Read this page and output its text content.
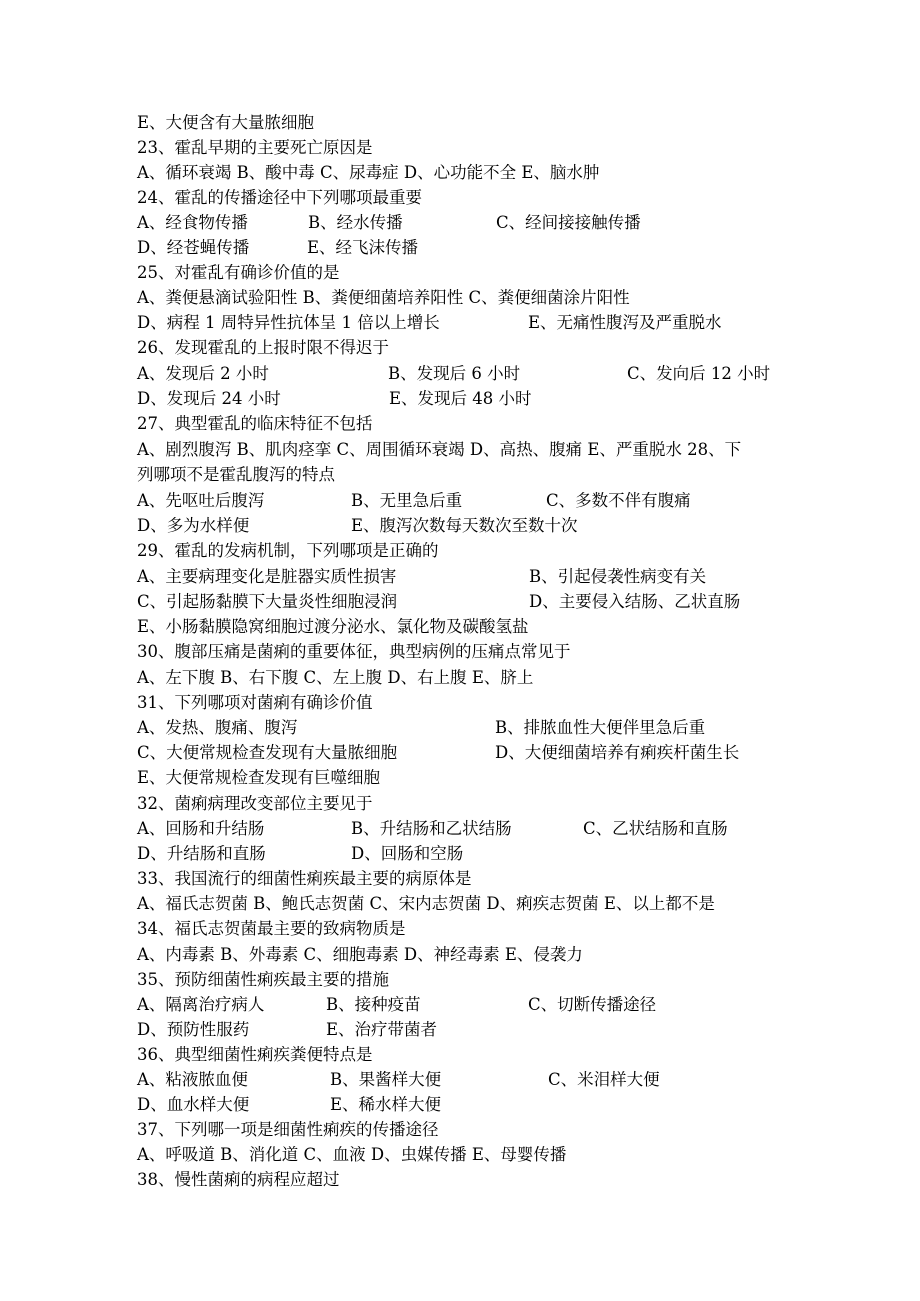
E、大便含有大量脓细胞
23、霍乱早期的主要死亡原因是
A、循环衰竭 B、酸中毒 C、尿毒症 D、心功能不全 E、脑水肿
24、霍乱的传播途径中下列哪项最重要
A、经食物传播	B、经水传播	C、经间接接触传播
D、经苍蝇传播	E、经飞沫传播
25、对霍乱有确诊价值的是
A、粪便悬滴试验阳性 B、粪便细菌培养阳性 C、粪便细菌涂片阳性
D、病程 1 周特异性抗体呈 1 倍以上增长	E、无痛性腹泻及严重脱水
26、发现霍乱的上报时限不得迟于
A、发现后 2 小时	B、发现后 6 小时	C、发向后 12 小时
D、发现后 24 小时	E、发现后 48 小时
27、典型霍乱的临床特征不包括
A、剧烈腹泻 B、肌肉痉挛 C、周围循环衰竭 D、高热、腹痛 E、严重脱水 28、下
列哪项不是霍乱腹泻的特点
A、先呕吐后腹泻	B、无里急后重	C、多数不伴有腹痛
D、多为水样便	E、腹泻次数每天数次至数十次
29、霍乱的发病机制，下列哪项是正确的
A、主要病理变化是脏器实质性损害	B、引起侵袭性病变有关
C、引起肠黏膜下大量炎性细胞浸润	D、主要侵入结肠、乙状直肠
E、小肠黏膜隐窝细胞过渡分泌水、氯化物及碳酸氢盐
30、腹部压痛是菌痢的重要体征，典型病例的压痛点常见于
A、左下腹 B、右下腹 C、左上腹 D、右上腹 E、脐上
31、下列哪项对菌痢有确诊价值
A、发热、腹痛、腹泻	B、排脓血性大便伴里急后重
C、大便常规检查发现有大量脓细胞	D、大便细菌培养有痢疾杆菌生长
E、大便常规检查发现有巨噬细胞
32、菌痢病理改变部位主要见于
A、回肠和升结肠	B、升结肠和乙状结肠	C、乙状结肠和直肠
D、升结肠和直肠	D、回肠和空肠
33、我国流行的细菌性痢疾最主要的病原体是
A、福氏志贺菌 B、鲍氏志贺菌 C、宋内志贺菌 D、痢疾志贺菌 E、以上都不是
34、福氏志贺菌最主要的致病物质是
A、内毒素 B、外毒素 C、细胞毒素 D、神经毒素 E、侵袭力
35、预防细菌性痢疾最主要的措施
A、隔离治疗病人	B、接种疫苗	C、切断传播途径
D、预防性服药	E、治疗带菌者
36、典型细菌性痢疾粪便特点是
A、粘液脓血便	B、果酱样大便	C、米泪样大便
D、血水样大便	E、稀水样大便
37、下列哪一项是细菌性痢疾的传播途径
A、呼吸道 B、消化道 C、血液 D、虫媒传播 E、母婴传播
38、慢性菌痢的病程应超过
